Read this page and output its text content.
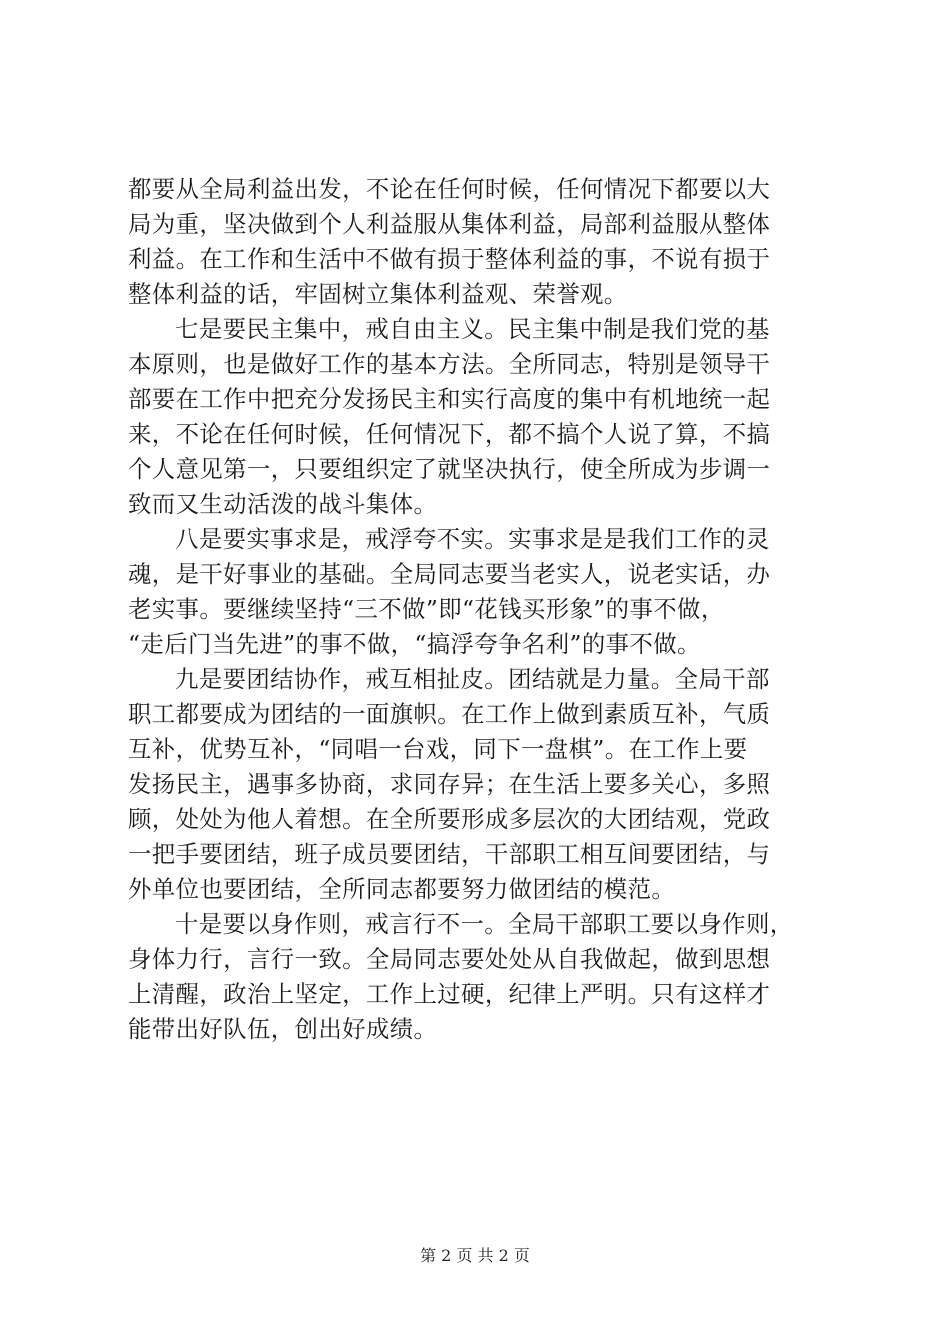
都要从全局利益出发，不论在任何时候，任何情况下都要以大
局为重，坚决做到个人利益服从集体利益，局部利益服从整体
利益。在工作和生活中不做有损于整体利益的事，不说有损于
整体利益的话，牢固树立集体利益观、荣誉观。
七是要民主集中，戒自由主义。民主集中制是我们党的基
本原则，也是做好工作的基本方法。全所同志，特别是领导干
部要在工作中把充分发扬民主和实行高度的集中有机地统一起
来，不论在任何时候，任何情况下，都不搞个人说了算，不搞
个人意见第一，只要组织定了就坚决执行，使全所成为步调一
致而又生动活泼的战斗集体。
八是要实事求是，戒浮夸不实。实事求是是我们工作的灵
魂，是干好事业的基础。全局同志要当老实人，说老实话，办
老实事。要继续坚持“三不做”即“花钱买形象”的事不做，
“走后门当先进”的事不做，“搞浮夸争名利”的事不做。
九是要团结协作，戒互相扯皮。团结就是力量。全局干部
职工都要成为团结的一面旗帜。在工作上做到素质互补，气质
互补，优势互补，“同唱一台戏，同下一盘棋”。在工作上要
发扬民主，遇事多协商，求同存异；在生活上要多关心，多照
顾，处处为他人着想。在全所要形成多层次的大团结观，党政
一把手要团结，班子成员要团结，干部职工相互间要团结，与
外单位也要团结，全所同志都要努力做团结的模范。
十是要以身作则，戒言行不一。全局干部职工要以身作则，
身体力行，言行一致。全局同志要处处从自我做起，做到思想
上清醒，政治上坚定，工作上过硬，纪律上严明。只有这样才
能带出好队伍，创出好成绩。
第 2 页 共 2 页
